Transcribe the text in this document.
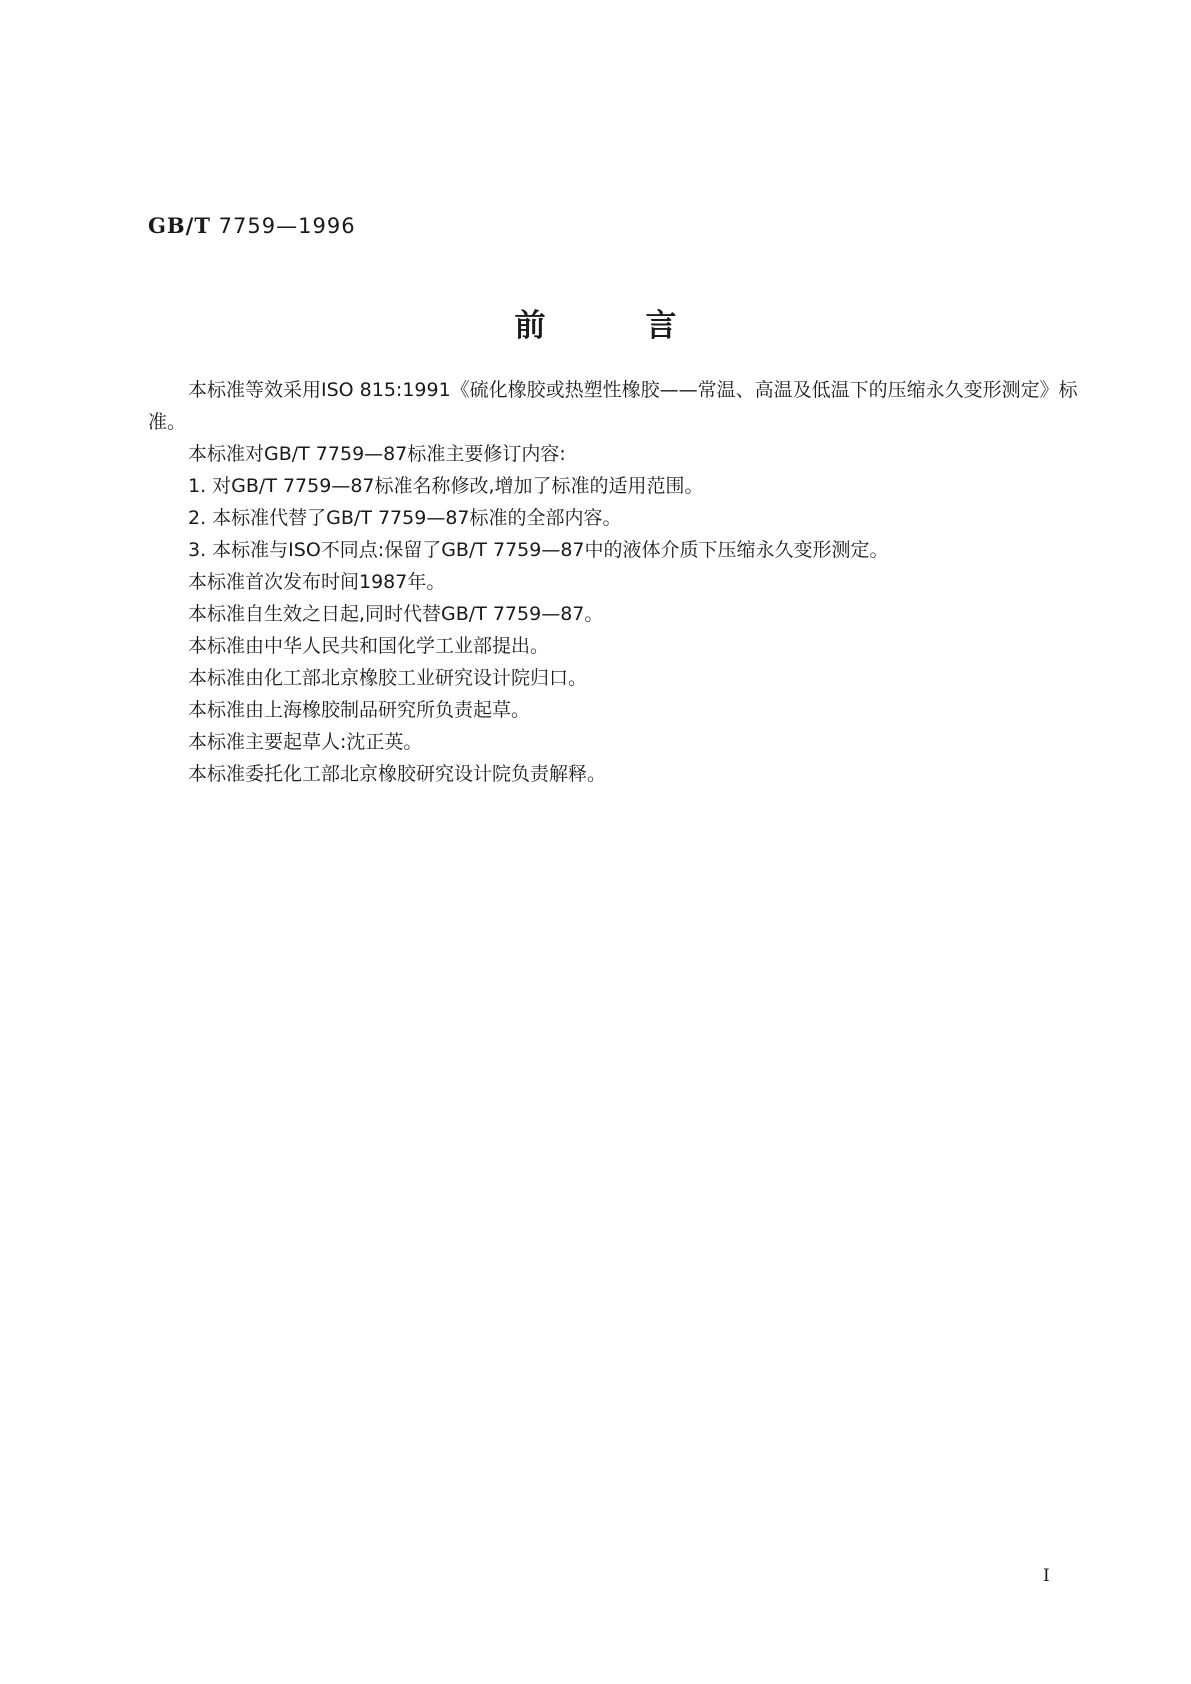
GB/T 7759—1996
前言

本标准等效采用ISO 815:1991《硫化橡胶或热塑性橡胶——常温、高温及低温下的压缩永久变形测定》标准。

本标准对GB/T 7759—87标准主要修订内容:

1. 对GB/T 7759—87标准名称修改,增加了标准的适用范围。

2. 本标准代替了GB/T 7759—87标准的全部内容。

3. 本标准与ISO不同点:保留了GB/T 7759—87中的液体介质下压缩永久变形测定。

本标准首次发布时间1987年。

本标准自生效之日起,同时代替GB/T 7759—87。

本标准由中华人民共和国化学工业部提出。

本标准由化工部北京橡胶工业研究设计院归口。

本标准由上海橡胶制品研究所负责起草。

本标准主要起草人:沈正英。

本标准委托化工部北京橡胶研究设计院负责解释。

I
